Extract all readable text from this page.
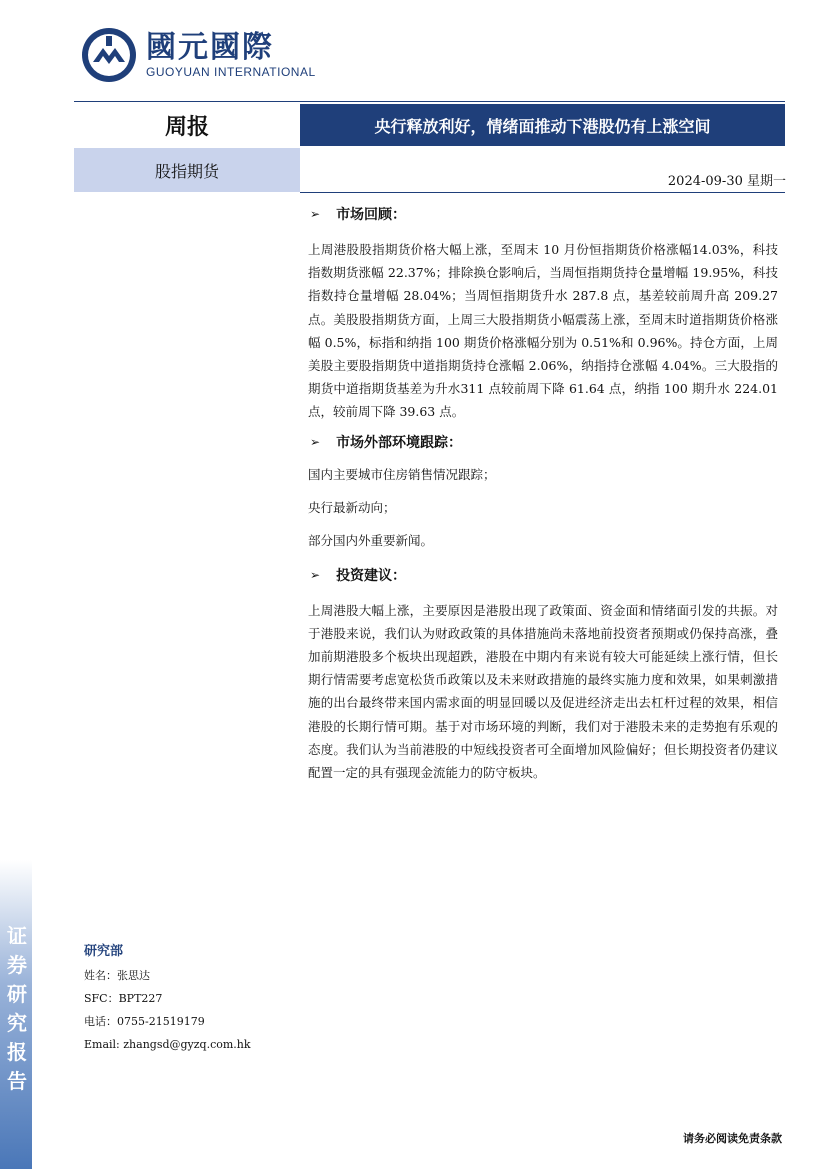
國元國際
GUOYUAN INTERNATIONAL
周报	央行释放利好，情绪面推动下港股仍有上涨空间
股指期货
2024-09-30 星期一
证券研究报告
➢ 市场回顾：

上周港股股指期货价格大幅上涨，至周末 10 月份恒指期货价格涨幅14.03%，科技指数期货涨幅 22.37%；排除换仓影响后，当周恒指期货持仓量增幅 19.95%，科技指数持仓量增幅 28.04%；当周恒指期货升水 287.8 点，基差较前周升高 209.27 点。美股股指期货方面，上周三大股指期货小幅震荡上涨，至周末时道指期货价格涨幅 0.5%，标指和纳指 100 期货价格涨幅分别为 0.51%和 0.96%。持仓方面，上周美股主要股指期货中道指期货持仓涨幅 2.06%，纳指持仓涨幅 4.04%。三大股指的期货中道指期货基差为升水311 点较前周下降 61.64 点，纳指 100 期升水 224.01 点，较前周下降 39.63 点。

➢ 市场外部环境跟踪：
国内主要城市住房销售情况跟踪；
央行最新动向；
部分国内外重要新闻。
➢ 投资建议：

上周港股大幅上涨，主要原因是港股出现了政策面、资金面和情绪面引发的共振。对于港股来说，我们认为财政政策的具体措施尚未落地前投资者预期或仍保持高涨，叠加前期港股多个板块出现超跌，港股在中期内有来说有较大可能延续上涨行情，但长期行情需要考虑宽松货币政策以及未来财政措施的最终实施力度和效果，如果刺激措施的出台最终带来国内需求面的明显回暖以及促进经济走出去杠杆过程的效果，相信港股的长期行情可期。基于对市场环境的判断，我们对于港股未来的走势抱有乐观的态度。我们认为当前港股的中短线投资者可全面增加风险偏好；但长期投资者仍建议配置一定的具有强现金流能力的防守板块。

研究部
姓名：张思达
SFC：BPT227
电话：0755-21519179
Email: zhangsd@gyzq.com.hk
请务必阅读免责条款
